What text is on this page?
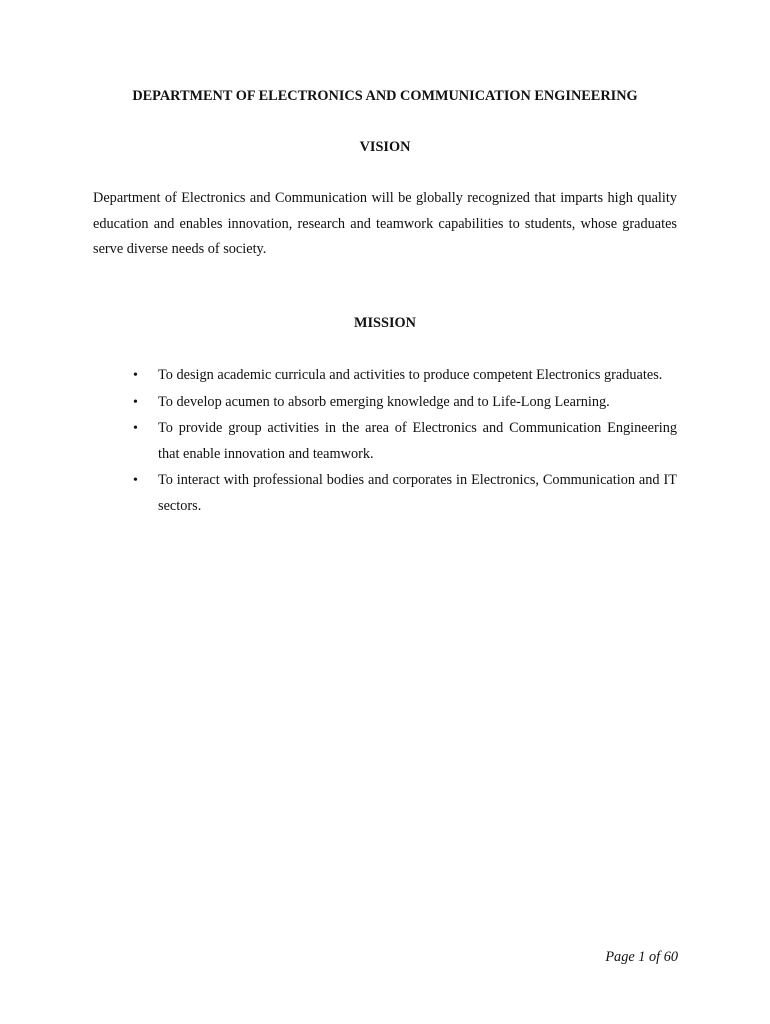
DEPARTMENT OF ELECTRONICS AND COMMUNICATION ENGINEERING
VISION

Department of Electronics and Communication will be globally recognized that imparts high quality education and enables innovation, research and teamwork capabilities to students, whose graduates serve diverse needs of society.

MISSION
• To design academic curricula and activities to produce competent Electronics graduates.
• To develop acumen to absorb emerging knowledge and to Life-Long Learning.
• To provide group activities in the area of Electronics and Communication Engineering that enable innovation and teamwork.
• To interact with professional bodies and corporates in Electronics, Communication and IT sectors.

Page 1 of 60
